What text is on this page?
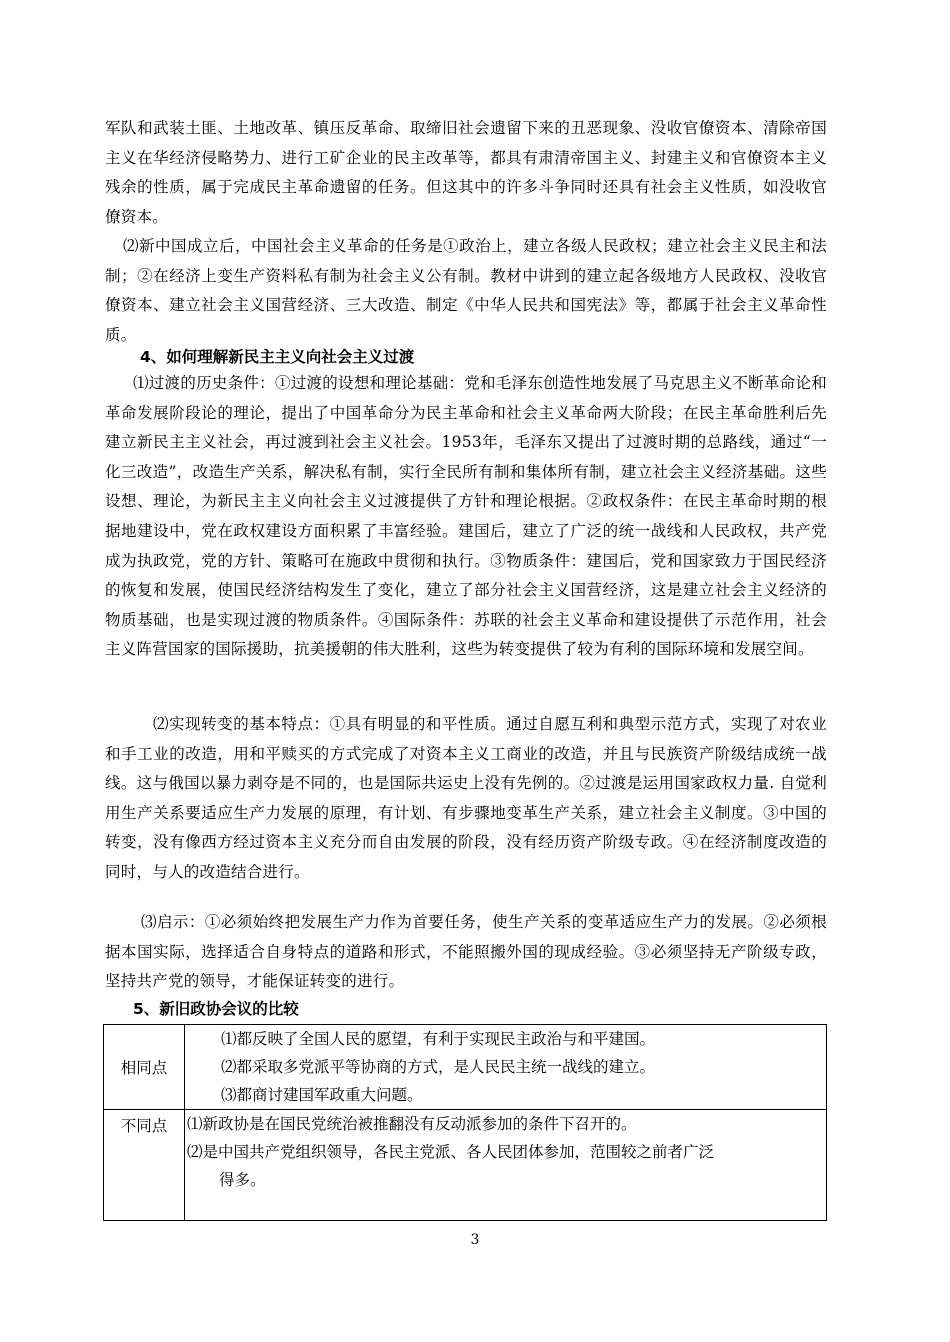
军队和武装土匪、土地改革、镇压反革命、取缔旧社会遗留下来的丑恶现象、没收官僚资本、清除帝国主义在华经济侵略势力、进行工矿企业的民主改革等，都具有肃清帝国主义、封建主义和官僚资本主义残余的性质，属于完成民主革命遗留的任务。但这其中的许多斗争同时还具有社会主义性质，如没收官僚资本。

⑵新中国成立后，中国社会主义革命的任务是①政治上，建立各级人民政权；建立社会主义民主和法制；②在经济上变生产资料私有制为社会主义公有制。教材中讲到的建立起各级地方人民政权、没收官僚资本、建立社会主义国营经济、三大改造、制定《中华人民共和国宪法》等，都属于社会主义革命性质。

4、如何理解新民主主义向社会主义过渡

⑴过渡的历史条件：①过渡的设想和理论基础：党和毛泽东创造性地发展了马克思主义不断革命论和革命发展阶段论的理论，提出了中国革命分为民主革命和社会主义革命两大阶段；在民主革命胜利后先建立新民主主义社会，再过渡到社会主义社会。1953年，毛泽东又提出了过渡时期的总路线，通过“一化三改造”，改造生产关系，解决私有制，实行全民所有制和集体所有制，建立社会主义经济基础。这些设想、理论，为新民主主义向社会主义过渡提供了方针和理论根据。②政权条件：在民主革命时期的根据地建设中，党在政权建设方面积累了丰富经验。建国后，建立了广泛的统一战线和人民政权，共产党成为执政党，党的方针、策略可在施政中贯彻和执行。③物质条件：建国后，党和国家致力于国民经济的恢复和发展，使国民经济结构发生了变化，建立了部分社会主义国营经济，这是建立社会主义经济的物质基础，也是实现过渡的物质条件。④国际条件：苏联的社会主义革命和建设提供了示范作用，社会主义阵营国家的国际援助，抗美援朝的伟大胜利，这些为转变提供了较为有利的国际环境和发展空间。

⑵实现转变的基本特点：①具有明显的和平性质。通过自愿互利和典型示范方式，实现了对农业和手工业的改造，用和平赎买的方式完成了对资本主义工商业的改造，并且与民族资产阶级结成统一战线。这与俄国以暴力剥夺是不同的，也是国际共运史上没有先例的。②过渡是运用国家政权力量. 自觉利用生产关系要适应生产力发展的原理，有计划、有步骤地变革生产关系，建立社会主义制度。③中国的转变，没有像西方经过资本主义充分而自由发展的阶段，没有经历资产阶级专政。④在经济制度改造的同时，与人的改造结合进行。

⑶启示：①必须始终把发展生产力作为首要任务，使生产关系的变革适应生产力的发展。②必须根据本国实际，选择适合自身特点的道路和形式，不能照搬外国的现成经验。③必须坚持无产阶级专政，坚持共产党的领导，才能保证转变的进行。

5、新旧政协会议的比较

相同点	⑴都反映了全国人民的愿望，有利于实现民主政治与和平建国。
⑵都采取多党派平等协商的方式，是人民民主统一战线的建立。
⑶都商讨建国军政重大问题。

不同点	⑴新政协是在国民党统治被推翻没有反动派参加的条件下召开的。
⑵是中国共产党组织领导，各民主党派、各人民团体参加，范围较之前者广泛
得多。
3
